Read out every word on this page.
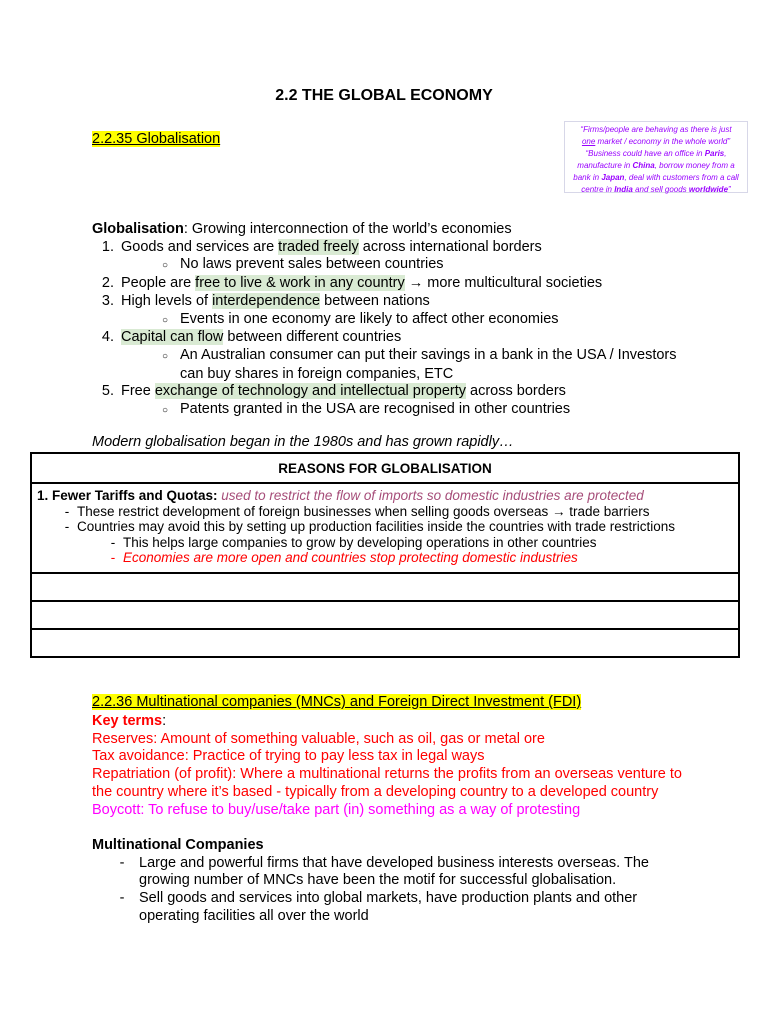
2.2 THE GLOBAL ECONOMY
2.2.35 Globalisation
“Firms/people are behaving as there is just
one market / economy in the whole world”
“Business could have an office in Paris,
manufacture in China, borrow money from a
bank in Japan, deal with customers from a call
centre in India and sell goods worldwide”
Globalisation: Growing interconnection of the world’s economies
1. Goods and services are traded freely across international borders
○ No laws prevent sales between countries
2. People are free to live & work in any country → more multicultural societies
3. High levels of interdependence between nations
○ Events in one economy are likely to affect other economies
4. Capital can flow between different countries
○ An Australian consumer can put their savings in a bank in the USA / Investors
can buy shares in foreign companies, ETC
5. Free exchange of technology and intellectual property across borders
○ Patents granted in the USA are recognised in other countries
Modern globalisation began in the 1980s and has grown rapidly…
REASONS FOR GLOBALISATION

1. Fewer Tariffs and Quotas: used to restrict the flow of imports so domestic industries are protected
- These restrict development of foreign businesses when selling goods overseas → trade barriers
- Countries may avoid this by setting up production facilities inside the countries with trade restrictions
- This helps large companies to grow by developing operations in other countries
- Economies are more open and countries stop protecting domestic industries

2.2.36 Multinational companies (MNCs) and Foreign Direct Investment (FDI)
Key terms:
Reserves: Amount of something valuable, such as oil, gas or metal ore
Tax avoidance: Practice of trying to pay less tax in legal ways
Repatriation (of profit): Where a multinational returns the profits from an overseas venture to
the country where it’s based - typically from a developing country to a developed country
Boycott: To refuse to buy/use/take part (in) something as a way of protesting
Multinational Companies
- Large and powerful firms that have developed business interests overseas. The
growing number of MNCs have been the motif for successful globalisation.
- Sell goods and services into global markets, have production plants and other
operating facilities all over the world
